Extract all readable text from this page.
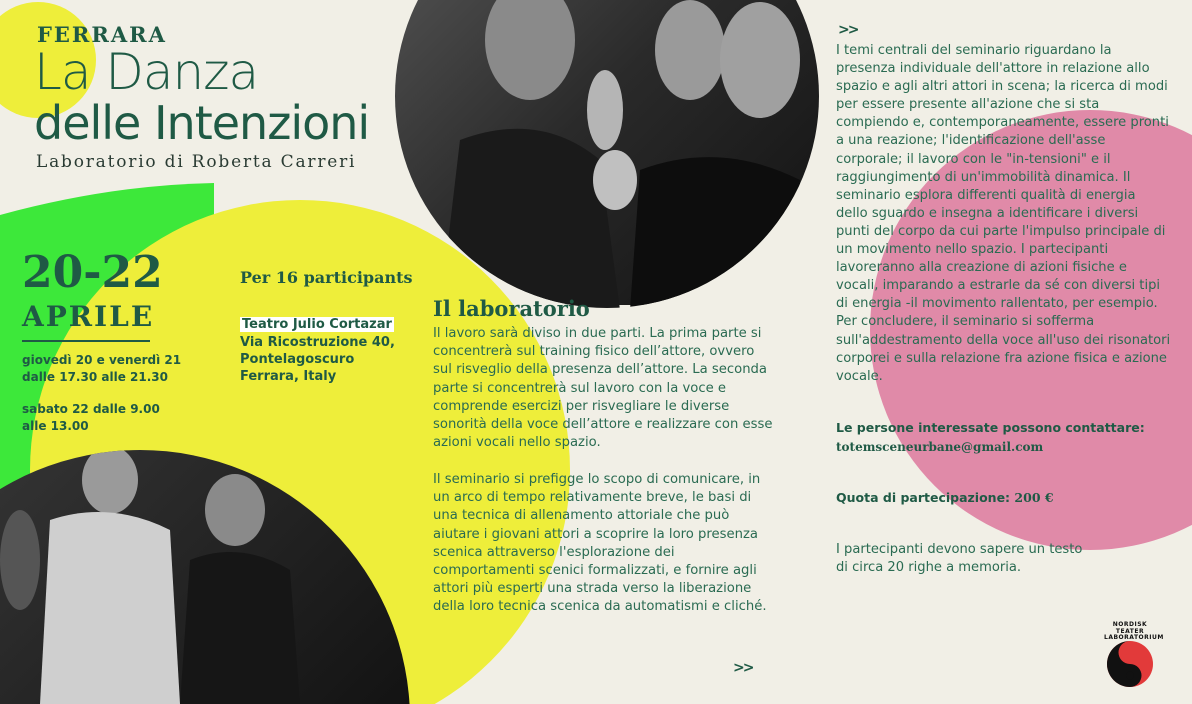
FERRARA
La Danza
delle Intenzioni
Laboratorio di Roberta Carreri
20-22
APRILE
giovedì 20 e venerdì 21 dalle 17.30 alle 21.30
sabato 22 dalle 9.00 alle 13.00
Per 16 participants
Teatro Julio Cortazar
Via Ricostruzione 40,
Pontelagoscuro
Ferrara, Italy
Il laboratorio
Il lavoro sarà diviso in due parti. La prima parte si concentrerà sul training fisico dell’attore, ovvero sul risveglio della presenza dell’attore. La seconda parte si concentrerà sul lavoro con la voce e comprende esercizi per risvegliare le diverse sonorità della voce dell’attore e realizzare con esse azioni vocali nello spazio.
Il seminario si prefigge lo scopo di comunicare, in un arco di tempo relativamente breve, le basi di una tecnica di allenamento attoriale che può aiutare i giovani attori a scoprire la loro presenza scenica attraverso l'esplorazione dei comportamenti scenici formalizzati, e fornire agli attori più esperti una strada verso la liberazione della loro tecnica scenica da automatismi e cliché.
>>
I temi centrali del seminario riguardano la presenza individuale dell'attore in relazione allo spazio e agli altri attori in scena; la ricerca di modi per essere presente all'azione che si sta compiendo e, contemporaneamente, essere pronti a una reazione; l'identificazione dell'asse corporale; il lavoro con le "in-tensioni" e il raggiungimento di un'immobilità dinamica. Il seminario esplora differenti qualità di energia dello sguardo e insegna a identificare i diversi punti del corpo da cui parte l'impulso principale di un movimento nello spazio. I partecipanti lavoreranno alla creazione di azioni fisiche e vocali, imparando a estrarle da sé con diversi tipi di energia -il movimento rallentato, per esempio. Per concludere, il seminario si sofferma sull'addestramento della voce all'uso dei risonatori corporei e sulla relazione fra azione fisica e azione vocale.
Le persone interessate possono contattare:
totemsceneurbane@gmail.com
Quota di partecipazione: 200 €
I partecipanti devono sapere un testo di circa 20 righe a memoria.
>>
NORDISK TEATER LABORATORIUM
